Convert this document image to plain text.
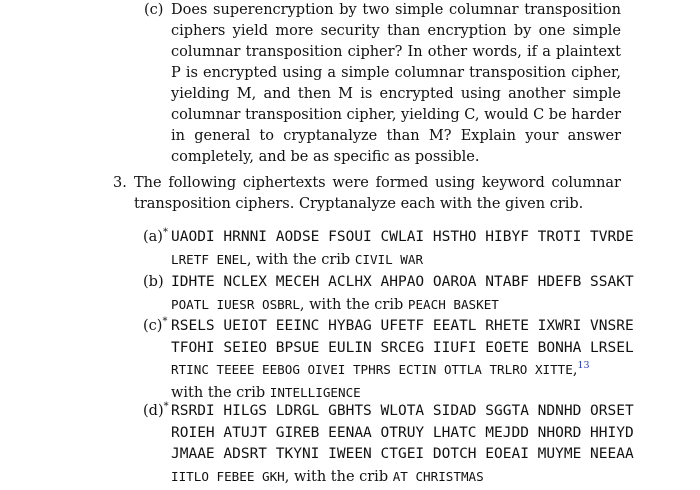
(c) Does superencryption by two simple columnar transposition ciphers yield more security than encryption by one simple columnar transposition cipher? In other words, if a plaintext P is encrypted using a simple columnar transposition cipher, yielding M, and then M is encrypted using another simple columnar transposition cipher, yielding C, would C be harder in general to cryptanalyze than M? Explain your answer completely, and be as specific as possible.
3. The following ciphertexts were formed using keyword columnar transposition ciphers. Cryptanalyze each with the given crib.
(a)* UAODI HRNNI AODSE FSOUI CWLAI HSTHO HIBYF TROTI TVRDE
LRETF ENEL, with the crib CIVIL WAR
(b) IDHTE NCLEX MECEH ACLHX AHPAO OAROA NTABF HDEFB SSAKT
POATL IUESR OSBRL, with the crib PEACH BASKET
(c)* RSELS UEIOT EEINC HYBAG UFETF EEATL RHETE IXWRI VNSRE
TFOHI SEIEO BPSUE EULIN SRCEG IIUFI EOETE BONHA LRSEL
RTINC TEEEE EEBOG OIVEI TPHRS ECTIN OTTLA TRLRO XITTE,$^{13}$
with the crib INTELLIGENCE
(d)* RSRDI HILGS LDRGL GBHTS WLOTA SIDAD SGGTA NDNHD ORSET
ROIEH ATUJT GIREB EENAA OTRUY LHATC MEJDD NHORD HHIYD
JMAAE ADSRT TKYNI IWEEN CTGEI DOTCH EOEAI MUYME NEEAA
IITLO FEBEE GKH, with the crib AT CHRISTMAS
